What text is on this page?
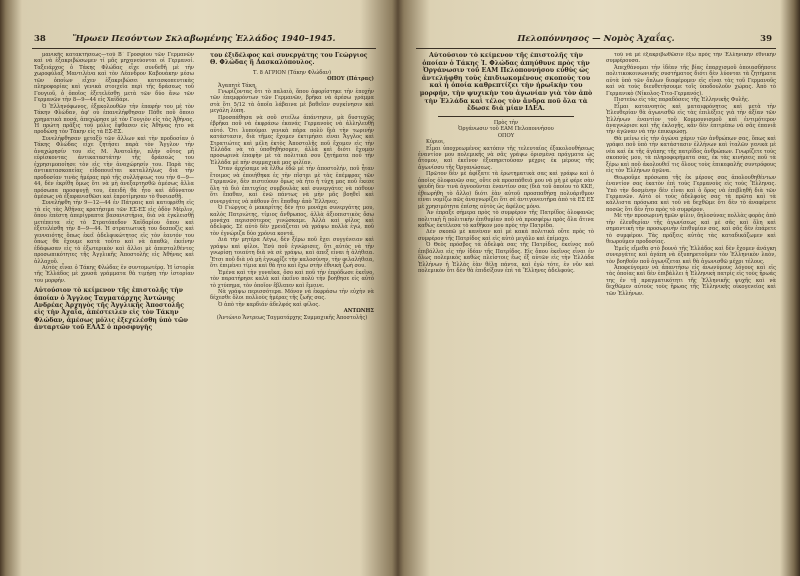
38	Ἥρωεν Πεσόντων Σκλαβωμένης Ἑλλάδος 1940–1945.

μανικῆς κατακτήσεως—τοῦ Β΄ Γροσφίου τῶν Γερμανῶν καὶ νὰ ἐξακριβώσωμεν τί μᾶς μηχανεύονται οἱ Γερμανοί. Ταξειάρχος ὁ Τάκης Φλώδας εἶχε συνδεθῆ μὲ τὴν χωροφύλαξ Μαντιλένα καὶ τὸν Λέανδρον Καβουάκην μέσω τῶν ὁποίων εἶχεν ἐξακριβώσει κατασκοπευτικὰς πληροφορίας καὶ γενικὰ στοιχεῖα περὶ τῆς δράσεως τοῦ Γουγιοῦ, ὁ ὁποῖος ἐξετελέσθη μετὰ τῶν δύο ἄνω τῶν Γερμανῶν τὴν 8—9—44 εἰς Χαϊδάρι.

Ὁ Ἑλληνόφωνος, ἐξακολουθῶν τὴν ἐπαφήν του μὲ τὸν Τάκην Φλώδαν, ἀφ' οὗ ἐπανελήφθησαν Πάθε ποῦ ὅποιο χρηματικὰ ποσά, ἀπεχώρησε μὲ τὸν Γουγιὸν εἰς τὰς Ἀθήνας. Ἡ πρώτη πρᾶξις τοῦ μόλις ἔφθασεν εἰς Ἀθήνας ἦτο νὰ προδώσῃ τὸν Τάκην εἰς τὰ ΕΣ-ΕΣ.

Συνελήφθησαν μεταξὺ τῶν ἄλλων καὶ τὴν προδοσίαν ὁ Τάκης Φλώδας εἶχε ζητήσει παρὰ τὸν Ἄγγλον τὴν ἀναχώρησίν του εἰς Μ. Ἀνατολὴν, πλὴν οὕτος μὴ εὑρίσκοντας ἀντικαταστάτην τῆς δράσεώς του ἐχρησιμοποίησε τὸν εἰς τὴν ἀναχώρησίν του. Παρὰ τὰς ἀντικατασκοπείας εἰδοποιεῖται καταλλήλως διὰ τὴν προδοσίαν τινὰς ἡμέρας πρὸ τῆς συλλήψεως του τὴν 6—9—44, δὲν ἐκρίθη ὅμως ὅτι νὰ μὴ ἀνεξαρτησθῶ ἀμέσως ἄλλα πρόσωπα προσφυγῇ του, ἐπειδὴ θὰ ἦτο καὶ ἀδύνατον ἀμέσως νὰ ἐξαφανισθῶσι καὶ ἐπροτίμησαν τὸ θυσιασθῆ.

Συνελήφθη τὴν 9—12—44 ἐν Πάτραις καὶ κατεφρέθη εἰς τὰ εἰς τὰς Ἀθήνας κρατήσιμα τῶν ΕΣ-ΕΣ εἰς ὁδὸν Μέρλιν, ὅπου ἐπέστη ἀπερίγραπτα βασανιστήρια, διὰ νὰ ἐγκλεισθῇ μετέπειτα εἰς τὸ Στρατόπεδον Χαϊδαρίου ὅπου καὶ ἐξετελέσθη τὴν 8—9—44. Ἡ στρατιωτικὴ του δεσποζὶς καὶ γενναιότης ὅπως ἐκεῖ ἀδελφικώτητος εἰς τὸν ἑαυτόν του ὅπως θὰ ἔχουμε κατὰ τοῦτο καὶ νὰ ἀπαθῶ, ἐκείνην ἐδάφωσαν εἰς τὸ ἐξωτερικὸν καὶ ἄλλοι μὲ ἀπεσταλθέντες προσωπικότητες τῆς Ἀγγλικῆς Ἀποστολῆς εἰς Ἀθήνας καὶ ἀλλαχοῦ.

Αὐτὸς εἶναι ὁ Τάκης Φλώδας ἐν συντομωτέρᾳ. Ἡ ἱστορία τῆς Ἑλλάδος μὲ χρυσᾶ γράμματα θὰ τιμήσῃ τὴν ἱστορίαν του μορφήν.

Αὐτούσιον τὸ κείμενον τῆς ἐπιστολῆς τὴν ὁποίαν ὁ Ἄγγλος Ταγματάρχης Ἀντώνης Ανδρέας Ἀρχηγὸς τῆς Ἀγγλικῆς Ἀποστολῆς εἰς τὴν Ἀχαΐα, ἀπέστειλεν εἰς τὸν Τάκην Φλώδαν, ἀμέσως μόλις ἐξεχελέσθη ὑπὸ τῶν ἀνταρτῶν τοῦ ΕΛΑΣ ὁ προσφυγὴς

του ἐξιδέλφος καὶ συνεργάτης του Γεώργιος Θ. Φλώδας ἢ Δασκαλόπουλος.

Τ. 8 ΑΓΡΙΟΝ (Τάκην Φλώδαν)

ΟΠΟΥ (Πάτρας)

Ἀγαπητὲ Τάκη,

Γνωρίζοντας ὅτι τὸ παλαιὸ, ὅπου ἀφορίστηκε τὴν ἐποχὴν τῶν ἐπεμφρόντων τῶν Γερμανῶν, βρῆκα νὰ ἀρέσω γράμμα στὰ ὅτι 5/12 τὰ ὁποῖα λάβαινα μὲ βαθεῖαν συγκίνησιν καὶ μεγάλη λύπη.

Προσπάθησα νὰ σοῦ στείλω ἀπάντησιν, μὰ δυστυχῶς ἐβρῆκα ποῦ νὰ ἐκφράσω ἐκανάς Γερμανοὺς νὰ ἀλληλευθῇ αὐτό. Ὅτι λυπούμαι γενικὰ πάρα πολὺ διὰ τὴν τωρινήν κατάστασιν, διὰ τῆμες ἔχομεν ἐκτιμήσει εἶναι Ἄγγλος καὶ Στρατιώτες καὶ μέλη ἐκτὸς Ἀποστολῆς ποῦ ἔχομεν εἰς τὴν Ἑλλάδα νὰ τὰ ὑποθηθήσομεν, ἀλλὰ καὶ διότι ἔχομεν προσωρινὰ ἐπαφὴν μὲ τὰ πολιτικὰ σου ζητήματα ποῦ τὴν Ἑλλάδα μὲ πὴν συμμαχικὰ μας φιλίαν.

Ὅταν ἀρχίσαμε νὰ ἔλθω ἐδῶ μὲ τὴν ἀποστολήν, ποῦ ἦταν ἔτοιμος νὰ ἐποιήθηκα ἐς τὴν πῖσται μὲ τὰς ἐπέμφρας τῶν Γερμανῶν, δὲν πιστεύουν ὅμως νὰ ἦτο ἡ τύχη μας ποῦ ἔκεσε ὅλη τὰ διὸ ἐπιτυχίας συμβουλὰς καὶ συνεργάτες νὰ πάθουν ὅτι ἔπαθαν, καὶ ἐνῶ πάντως νὰ μὴν μᾶς βοηθεῖ καὶ συνεργάτες νὰ πάθουν ὅτι ἔπαθαν ἀπὸ Ἕλληνες.

Ὁ Γιώργος ὁ μακαρίτης δὲν ἦτο μονάχα συνεργάτης μου, καλὸς Πατριώτης, τίμιος ἄνθρωπος, ἀλλὰ ἀξιοπιστικὸς ὅσω μονάχα περισσότερος γινώσκαμε. Ἀλλὰ καὶ φίλος καὶ ἀδελφός. Σὲ αὐτὸ δὲν χρειάζεται νὰ γράψω πολλὰ ἐγώ, ποῦ τὸν ἐγνώριζα δύο χρόνια κοντά.

Διὰ τὴν μητέρα Λέγω, δὲν ξέρω ποῦ ἔχει συγγένειαν καὶ γράψω καὶ φίλοι. Ἐσὺ ποῦ ἐγνώρισες, ὅτι αὐτὸς νὰ τὴν γνωρίσῃ τοιαύτη διὰ νὰ σὲ γράψω, καὶ ἀπεξ εἶναι ἡ ἀλήθεια. Ἔτσι ποῦ διὰ νὰ μὴ ἐγνωρίζε τὴν καλοσύνην, τὴν φιλαλήθεια, ὅτι ἐπιμένει τίμια καὶ θὰ ἦτο καὶ ἔχω στὴν ἐθνικὴ ζωὴ σου.

Ἐμένα καὶ τὴν γυναῖκα, ὅσο καὶ ποῦ τὴν ἐπρόδωσε ἐκεῖνο, τὸν παρατήρησε καλὰ καὶ ἐκεῖνο πολὺ τὴν βοήθησε εἰς αὐτὸ τὸ χτύπημα, τὸν ὁποῖον ἔβλεπεν καὶ ἔμεινε.

Νὰ γράψω περισσότερα. Μόνον νὰ ἐκφράσω τὴν εὐχὴν νὰ δέχεσθε ὅλοι πολλοὺς ἡμέρας τῆς ζωῆς σας.

Ὁ ἀπὸ τὴν καρδιάν ἀδελφός καὶ φίλος.

ΑΝΤΩΝΗΣ

(Ἀντώνιο Ἄντρεως Ταγματάρχης Συμμαχικῆς Ἀποστολῆς)

Πελοπόννησος — Νομὸς Ἀχαΐας.	39

Αὐτούσιον τὸ κείμενον τῆς ἐπιστολῆς τὴν ὁποίαν ὁ Τάκης Ἰ. Φλώδας ἀπηύθυνε πρὸς τὴν Ὀργάνωσιν τοῦ ΕΑΜ Πελοποννήσου εὐθὺς ὡς ἀντελήφθη τοὺς ἐπιδιωκομένους σκοποὺς του καὶ ἡ ὁποία καθρεπτίζει τὴν ἡρωϊκὴν του μορφήν, τὴν ψυχικὴν του ἀγωνίαν γιὰ τὸν ἀπὸ τὴν Ἑλλάδα καὶ τέλος τὸν ἄνδρα ποῦ ὅλα τὰ ἔδωσε διὰ μίαν ΙΔΕΑ.

Πρὸς τὴν

Ὀργάνωσιν τοῦ ΕΑΜ Πελοποννήσου

ΟΠΟΥ

Κύριοι,

Εἶμαι ὑποχρεωμένος κατόπιν τῆς τελευταίας ἐξακολουθήσεως ἐναντίον μου πολεμικῆς νὰ σᾶς γράψω ὀρισμένα πράγματα ὡς ἄτομον, καὶ ἐκεῖνον ἐξυπηρετοῦσαν μέχρις ἐκ μέρους τῆς ἀγωνίσσυ τῆς Ὀργανώσεως.

Πρῶτον δὲν μὲ ἀφίξατε τὰ ἐρωτηματικὰ σας καὶ γράφω καὶ ὁ ὁποῖος ὁλοφανῶν σας, οὔτε σὰ προσπάθειά μου νὰ μὴ μὲ φέρε σὰν ψευδὴ δεν τινὰ ἀγνοοῦνται ἐναντίον σας (διὰ τοῦ ὁποίου τὸ ΚΚΕ, ἐθεωρήθη τὸ ἄλλο) διότι ἐὰν αὐτοῦ προσπαθήσῃ πολυάριθμον εἶναι νομίζω πῶς ἀναγνωρίζει ὅτι σὲ ἀντιγονευτῆρα ἀπὸ τὰ ΕΣ ΕΣ μὲ χρησιμότητα ἐπίσης αὐτὸς ὡς ἀφέλος μόνο.

Ἂν ἐπραξε σήμερα πρὸς τὸ συμφέρον τῆς Πατρίδος ὁλοφανῶς πολιτικὴ ἢ πολιτικὴν ἐπιθυμίαν ποῦ νὰ προσφέρω πρὸς ὅλα ἅτινα καθὼς ἐκτέλεσα τὸ καθῆκον μου πρὸς τὴν Πατρίδα.

Δὲν σκοπῶ μὲ κανέναν καὶ μὲ κακὰ πολιτικὰ οὔτε πρὸς τὸ συμφέρον τῆς Πατρίδος καὶ εἰς αὐτὸ μεγάλο καὶ ἐπίμαχο.

Ὁ Θεὸς πρόσβος τὰ ἀδελφὰ σας τῆς Πατρίδος, ἐκείνος ποῦ ἐπιβάλλει εἰς τὴν ἰδέαν τῆς Πατρίδος. Εἰς ὅπου ἐκεῖνος εἶναι ἐν ὅλως πολεμικὸς καθὼς πλείστοις ἕως ἐξ αὐτῶν εἰς τὴν Ἑλλάδα Ἑλλήνων ἡ Ἐλλὰς ἐὰν θέλῃ πάντα, καὶ ἐγὼ τότε, ἐν νῦν καὶ πολεμικὸν ὅτι δὲν θὰ ἐπιδείξουν ἐπὶ τὰ Ἕλληνες ἀδελφοὺς.

τοῦ νὰ μὲ ἐξακριβωθῶσιν ἕξω πρὸς τὴν Ἑλληνικὴν ἐθνικὴν συμφέρουσα.

Ἀπεχθάνομαι τὴν ἰδέαν τῆς βίας ἐπαρχισμοῦ ὁποιασδήποτε πολιτικοκοινωνικῆς συστήματος διότι δὲν λύονται τὰ ζητήματα αὐτὰ ὑπὸ τῶν ὅπλων διαφέρομεν εἰς εἶναι τὰς τοῦ Γερμανοῦς καὶ νὰ τοὺς διευθετήσουμε τοῖς ὑποδουλοῦν χώρας. Ἀπὸ τὸ Γερμανικὸ (Νίκολος-Τιτο-Γερμανός).

Πιστεύω εἰς τὰς παραδόσεις τῆς Ἑλληνικῆς Φυλῆς.

Εἶμαι κατανοητὸς καὶ ματαιφρόνητος καὶ μετὰ τὴν Ἐλευθερίαν θὰ ἀγωνισθῶ εἰς τὰς ἐπιλέξεις γιὰ τὴν ἀξίαν τῶν Ἑλλήνων ἐναντίον τοῦ Κομμουνισμοῦ καὶ ἐντιμότερον ἀναγνώρισε καὶ τῆς ἐκλογῆς, κἂν δὲν ἐπιτρέπω νὰ σᾶς ἐπανιᾶ τὴν ἀγῶναν νὰ τὴν ἐπικυρώσῃ.

Θὰ μείνω εἰς τὴν ἀγώνα χάριν τῶν ἀνθρώπων σας, ὅπως καὶ γράφει ποῦ ὑπὸ τὴν κατάστασιν ἑλλήνων καὶ ἰταλῶν γενικὰ μὲ νέα καὶ ἐκ τῆς ἀγάπης τῆς πατρίδος ἀνθρώπων. Γνωρίζετε τοὺς σκοπούς μου, τὰ πληροφορήματα σας, ἐκ τὰς κινήσεις ποῦ τὰ ξέρω καὶ ποῦ ἀκολουθεῖ τις ὅλους τοὺς ἐπικεφαλῆς συντρόφους εἰς τὸν Ἑλλήνων ἀγῶνα.

Θεωροῦμε πρόσωπα τῆς ἐκ μέρους σας ἀπολουθηθέντων ἐναντίον σας ἑκατὸν ἐπὶ τοὺς Γερμανοὺς εἰς τοὺς Ἕλληνας. Ὑπὸ τὴν δοσμένην δὲν εἶναι καὶ ὁ ὅρος νὰ ἐπιβληθῆ διὰ τῶν Γερμανῶν. Αὐτὸ οἱ τοὺς ἀδελφοὺς σας τὰ πρῶτα καὶ τὰ κάλλιστα πρόσωπα καὶ τοῦ νὰ δεχθῶμε ὅτι δὲν τὸ ἀναφέρετε ποσῶς ὅτι δὲν ἦτο πρὸς τὸ συμφέρον.

Μὲ τὴν προσωρινὴ ἡμῶν φίλιν, δηλοσύνας πολλὰς φορὰς ἀπὸ τὴν ἐλευθερίαν τῆς ἀγωνίσεως καὶ μὲ σᾶς καὶ ὅλη καὶ σημαντικὴ τὴν προσωρινὴν ἐπιθυμίαν σας, καὶ σᾶς δὲν ἐπάρετε τὸ συμφέρον. Τὰς πράξεις αὐτὰς τὰς καταδικάζωμεν καὶ θεωροῦμεν προδοσίας.

Ἐμεῖς εἴμεθα στὸ βουνὸ τῆς Ἑλλάδος καὶ δὲν ἔχομεν ἀνάγκη συνεργάτες καὶ ἀγάπη νὰ ἐξυπηρετοῦμεν τὸν Ἑλληνικὸν λαὸν, τὸν βοηθοῦν ποῦ ἀγωνίζεται καὶ θὰ ἀγωνισθῶ μέχρι τέλους.

Ἀποφεύγομεν νὰ ἀπαντήσω εἰς ἀνωνύμους λόγους καὶ εἰς τὰς ὁποίας καὶ δὲν ἐπιβάλλει ἡ Ἑλληνικὴ πατρὶς εἰς τοὺς ἥρωάς της ἐν τῇ πραγματικότητι τῆς Ἑλληνικῆς ψυχῆς καὶ νὰ δεχθῶμεν αὐτοὺς τοὺς ἥρωας τῆς Ἑλληνικῆς οἰκογενείας καὶ τῶν Ἑλλήνων.
